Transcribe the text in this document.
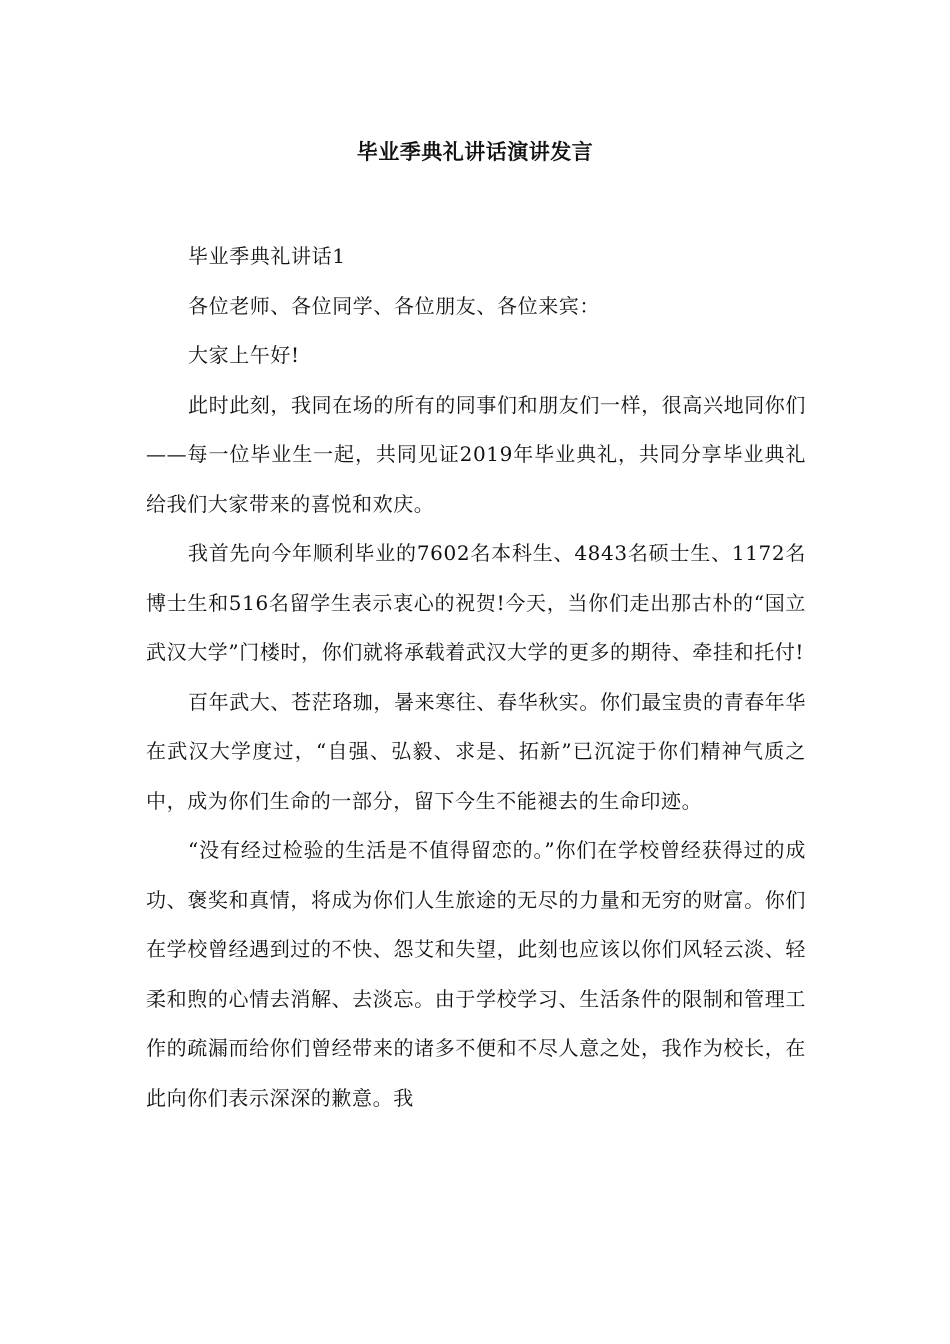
毕业季典礼讲话演讲发言

毕业季典礼讲话1

各位老师、各位同学、各位朋友、各位来宾：

大家上午好!

此时此刻，我同在场的所有的同事们和朋友们一样，很高兴地同你们——每一位毕业生一起，共同见证2019年毕业典礼，共同分享毕业典礼给我们大家带来的喜悦和欢庆。

我首先向今年顺利毕业的7602名本科生、4843名硕士生、1172名博士生和516名留学生表示衷心的祝贺!今天，当你们走出那古朴的“国立武汉大学”门楼时，你们就将承载着武汉大学的更多的期待、牵挂和托付!

百年武大、苍茫珞珈，暑来寒往、春华秋实。你们最宝贵的青春年华在武汉大学度过，“自强、弘毅、求是、拓新”已沉淀于你们精神气质之中，成为你们生命的一部分，留下今生不能褪去的生命印迹。

“没有经过检验的生活是不值得留恋的。”你们在学校曾经获得过的成功、褒奖和真情，将成为你们人生旅途的无尽的力量和无穷的财富。你们在学校曾经遇到过的不快、怨艾和失望，此刻也应该以你们风轻云淡、轻柔和煦的心情去消解、去淡忘。由于学校学习、生活条件的限制和管理工作的疏漏而给你们曾经带来的诸多不便和不尽人意之处，我作为校长，在此向你们表示深深的歉意。我
